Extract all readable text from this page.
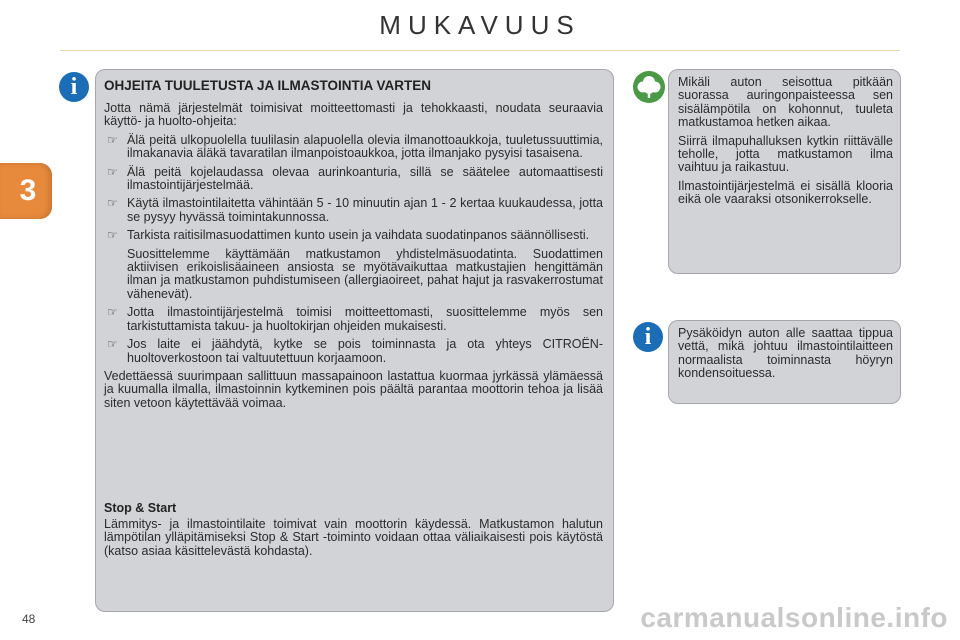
MUKAVUUS
3
i	OHJEITA TUULETUSTA JA ILMASTOINTIA VARTEN

Jotta nämä järjestelmät toimisivat moitteettomasti ja tehokkaasti, noudata seuraavia käyttö- ja huolto-ohjeita:

☞ Älä peitä ulkopuolella tuulilasin alapuolella olevia ilmanottoaukkoja, tuuletussuuttimia, ilmakanavia äläkä tavaratilan ilmanpoistoaukkoa, jotta ilmanjako pysyisi tasaisena.
☞ Älä peitä kojelaudassa olevaa aurinkoanturia, sillä se säätelee automaattisesti ilmastointijärjestelmää.
☞ Käytä ilmastointilaitetta vähintään 5 - 10 minuutin ajan 1 - 2 kertaa kuukaudessa, jotta se pysyy hyvässä toimintakunnossa.
☞ Tarkista raitisilmasuodattimen kunto usein ja vaihdata suodatinpanos säännöllisesti.
Suosittelemme käyttämään matkustamon yhdistelmäsuodatinta. Suodattimen aktiivisen erikoislisäaineen ansiosta se myötävaikuttaa matkustajien hengittämän ilman ja matkustamon puhdistumiseen (allergiaoireet, pahat hajut ja rasvakerrostumat vähenevät).
☞ Jotta ilmastointijärjestelmä toimisi moitteettomasti, suosittelemme myös sen tarkistuttamista takuu- ja huoltokirjan ohjeiden mukaisesti.
☞ Jos laite ei jäähdytä, kytke se pois toiminnasta ja ota yhteys CITROËN-huoltoverkostoon tai valtuutettuun korjaamoon.

Vedettäessä suurimpaan sallittuun massapainoon lastattua kuormaa jyrkässä ylämäessä ja kuumalla ilmalla, ilmastoinnin kytkeminen pois päältä parantaa moottorin tehoa ja lisää siten vetoon käytettävää voimaa.

Stop & Start

Lämmitys- ja ilmastointilaite toimivat vain moottorin käydessä. Matkustamon halutun lämpötilan ylläpitämiseksi Stop & Start -toiminto voidaan ottaa väliaikaisesti pois käytöstä (katso asiaa käsittelevästä kohdasta).

Mikäli auton seisottua pitkään suorassa auringonpaisteessa sen sisälämpötila on kohonnut, tuuleta matkustamoa hetken aikaa.

Siirrä ilmapuhalluksen kytkin riittävälle teholle, jotta matkustamon ilma vaihtuu ja raikastuu.

Ilmastointijärjestelmä ei sisällä klooria eikä ole vaaraksi otsonikerrokselle.

i	Pysäköidyn auton alle saattaa tippua vettä, mikä johtuu ilmastointilaitteen normaalista toiminnasta höyryn kondensoituessa.

48	carmanualsonline.info
